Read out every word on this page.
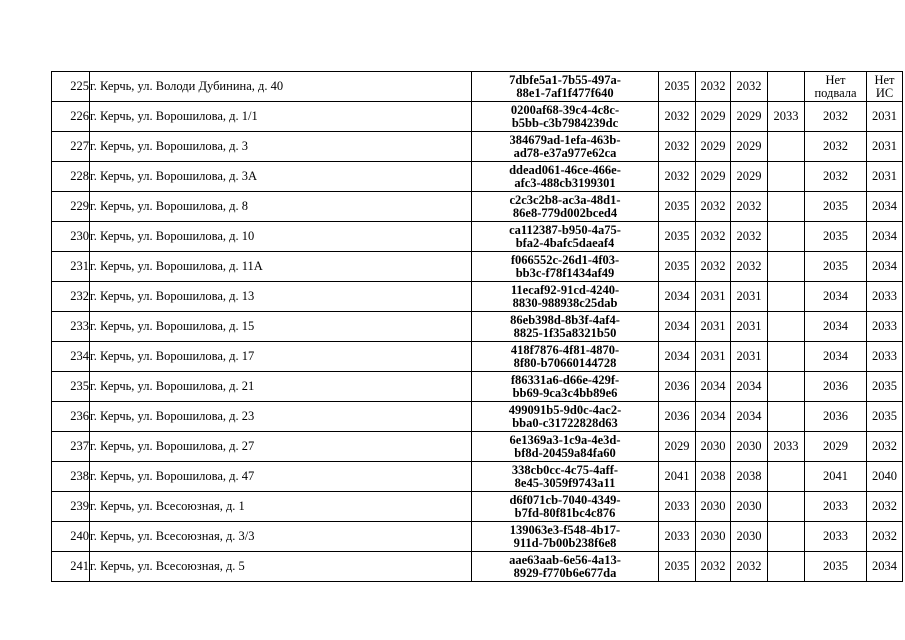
225	г. Керчь, ул. Володи Дубинина, д. 40	7dbfe5a1-7b55-497a-
88e1-7af1f477f640	2035	2032	2032		Нет подвала	Нет ИС
226	г. Керчь, ул. Ворошилова, д. 1/1	0200af68-39c4-4c8c-
b5bb-c3b7984239dc	2032	2029	2029	2033	2032	2031
227	г. Керчь, ул. Ворошилова, д. 3	384679ad-1efa-463b-
ad78-e37a977e62ca	2032	2029	2029		2032	2031
228	г. Керчь, ул. Ворошилова, д. 3А	ddead061-46ce-466e-
afc3-488cb3199301	2032	2029	2029		2032	2031
229	г. Керчь, ул. Ворошилова, д. 8	c2c3c2b8-ac3a-48d1-
86e8-779d002bced4	2035	2032	2032		2035	2034
230	г. Керчь, ул. Ворошилова, д. 10	ca112387-b950-4a75-
bfa2-4bafc5daeaf4	2035	2032	2032		2035	2034
231	г. Керчь, ул. Ворошилова, д. 11А	f066552c-26d1-4f03-
bb3c-f78f1434af49	2035	2032	2032		2035	2034
232	г. Керчь, ул. Ворошилова, д. 13	11ecaf92-91cd-4240-
8830-988938c25dab	2034	2031	2031		2034	2033
233	г. Керчь, ул. Ворошилова, д. 15	86eb398d-8b3f-4af4-
8825-1f35a8321b50	2034	2031	2031		2034	2033
234	г. Керчь, ул. Ворошилова, д. 17	418f7876-4f81-4870-
8f80-b70660144728	2034	2031	2031		2034	2033
235	г. Керчь, ул. Ворошилова, д. 21	f86331a6-d66e-429f-
bb69-9ca3c4bb89e6	2036	2034	2034		2036	2035
236	г. Керчь, ул. Ворошилова, д. 23	499091b5-9d0c-4ac2-
bba0-c31722828d63	2036	2034	2034		2036	2035
237	г. Керчь, ул. Ворошилова, д. 27	6e1369a3-1c9a-4e3d-
bf8d-20459a84fa60	2029	2030	2030	2033	2029	2032
238	г. Керчь, ул. Ворошилова, д. 47	338cb0cc-4c75-4aff-
8e45-3059f9743a11	2041	2038	2038		2041	2040
239	г. Керчь, ул. Всесоюзная, д. 1	d6f071cb-7040-4349-
b7fd-80f81bc4c876	2033	2030	2030		2033	2032
240	г. Керчь, ул. Всесоюзная, д. 3/3	139063e3-f548-4b17-
911d-7b00b238f6e8	2033	2030	2030		2033	2032
241	г. Керчь, ул. Всесоюзная, д. 5	aae63aab-6e56-4a13-
8929-f770b6e677da	2035	2032	2032		2035	2034
